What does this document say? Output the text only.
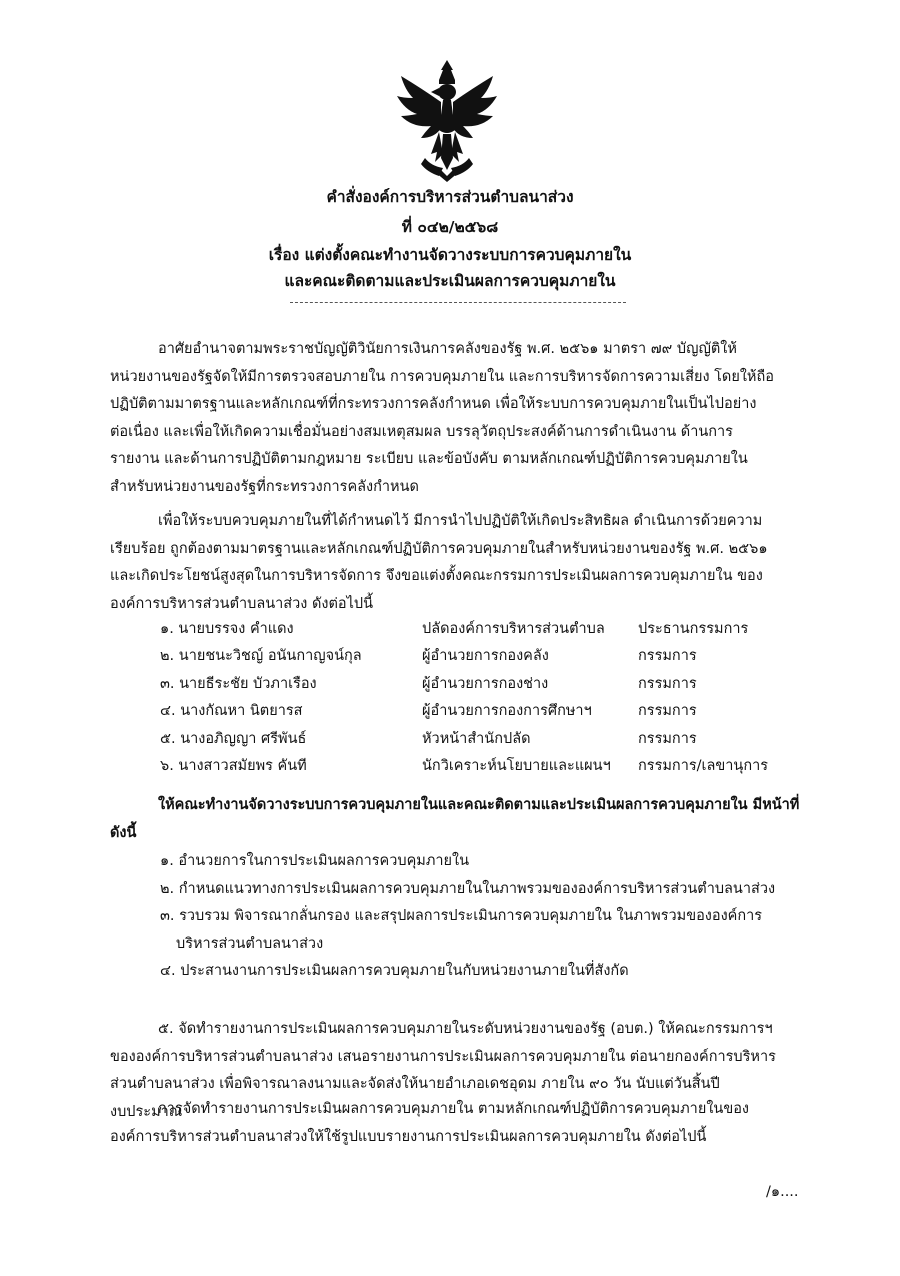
คำสั่งองค์การบริหารส่วนตำบลนาส่วง
ที่ ๐๔๒/๒๕๖๘
เรื่อง แต่งตั้งคณะทำงานจัดวางระบบการควบคุมภายใน
และคณะติดตามและประเมินผลการควบคุมภายใน
อาศัยอำนาจตามพระราชบัญญัติวินัยการเงินการคลังของรัฐ พ.ศ. ๒๕๖๑ มาตรา ๗๙ บัญญัติให้
หน่วยงานของรัฐจัดให้มีการตรวจสอบภายใน การควบคุมภายใน และการบริหารจัดการความเสี่ยง โดยให้ถือ
ปฏิบัติตามมาตรฐานและหลักเกณฑ์ที่กระทรวงการคลังกำหนด เพื่อให้ระบบการควบคุมภายในเป็นไปอย่าง
ต่อเนื่อง และเพื่อให้เกิดความเชื่อมั่นอย่างสมเหตุสมผล บรรลุวัตถุประสงค์ด้านการดำเนินงาน ด้านการ
รายงาน และด้านการปฏิบัติตามกฎหมาย ระเบียบ และข้อบังคับ ตามหลักเกณฑ์ปฏิบัติการควบคุมภายใน
สำหรับหน่วยงานของรัฐที่กระทรวงการคลังกำหนด
เพื่อให้ระบบควบคุมภายในที่ได้กำหนดไว้ มีการนำไปปฏิบัติให้เกิดประสิทธิผล ดำเนินการด้วยความ
เรียบร้อย ถูกต้องตามมาตรฐานและหลักเกณฑ์ปฏิบัติการควบคุมภายในสำหรับหน่วยงานของรัฐ พ.ศ. ๒๕๖๑
และเกิดประโยชน์สูงสุดในการบริหารจัดการ จึงขอแต่งตั้งคณะกรรมการประเมินผลการควบคุมภายใน ของ
องค์การบริหารส่วนตำบลนาส่วง ดังต่อไปนี้
๑. นายบรรจง คำแดง	ปลัดองค์การบริหารส่วนตำบล ประธานกรรมการ
๒. นายชนะวิชญ์ อนันกาญจน์กุล	ผู้อำนวยการกองคลัง	กรรมการ
๓. นายธีระชัย บัวภาเรือง	ผู้อำนวยการกองช่าง	กรรมการ
๔. นางกัณหา นิตยารส	ผู้อำนวยการกองการศึกษาฯ	กรรมการ
๕. นางอภิญญา ศรีพันธ์	หัวหน้าสำนักปลัด	กรรมการ
๖. นางสาวสมัยพร คันที	นักวิเคราะห์นโยบายและแผนฯ กรรมการ/เลขานุการ
ให้คณะทำงานจัดวางระบบการควบคุมภายในและคณะติดตามและประเมินผลการควบคุมภายใน มีหน้าที่
ดังนี้
๑. อำนวยการในการประเมินผลการควบคุมภายใน
๒. กำหนดแนวทางการประเมินผลการควบคุมภายในในภาพรวมขององค์การบริหารส่วนตำบลนาส่วง
๓. รวบรวม พิจารณากลั่นกรอง และสรุปผลการประเมินการควบคุมภายใน ในภาพรวมขององค์การ
บริหารส่วนตำบลนาส่วง
๔. ประสานงานการประเมินผลการควบคุมภายในกับหน่วยงานภายในที่สังกัด
๕. จัดทำรายงานการประเมินผลการควบคุมภายในระดับหน่วยงานของรัฐ (อบต.) ให้คณะกรรมการฯ
ขององค์การบริหารส่วนตำบลนาส่วง เสนอรายงานการประเมินผลการควบคุมภายใน ต่อนายกองค์การบริหาร
ส่วนตำบลนาส่วง เพื่อพิจารณาลงนามและจัดส่งให้นายอำเภอเดชอุดม ภายใน ๙๐ วัน นับแต่วันสิ้นปี
งบประมาณ
การจัดทำรายงานการประเมินผลการควบคุมภายใน ตามหลักเกณฑ์ปฏิบัติการควบคุมภายในของ
องค์การบริหารส่วนตำบลนาส่วงให้ใช้รูปแบบรายงานการประเมินผลการควบคุมภายใน ดังต่อไปนี้
/๑....
